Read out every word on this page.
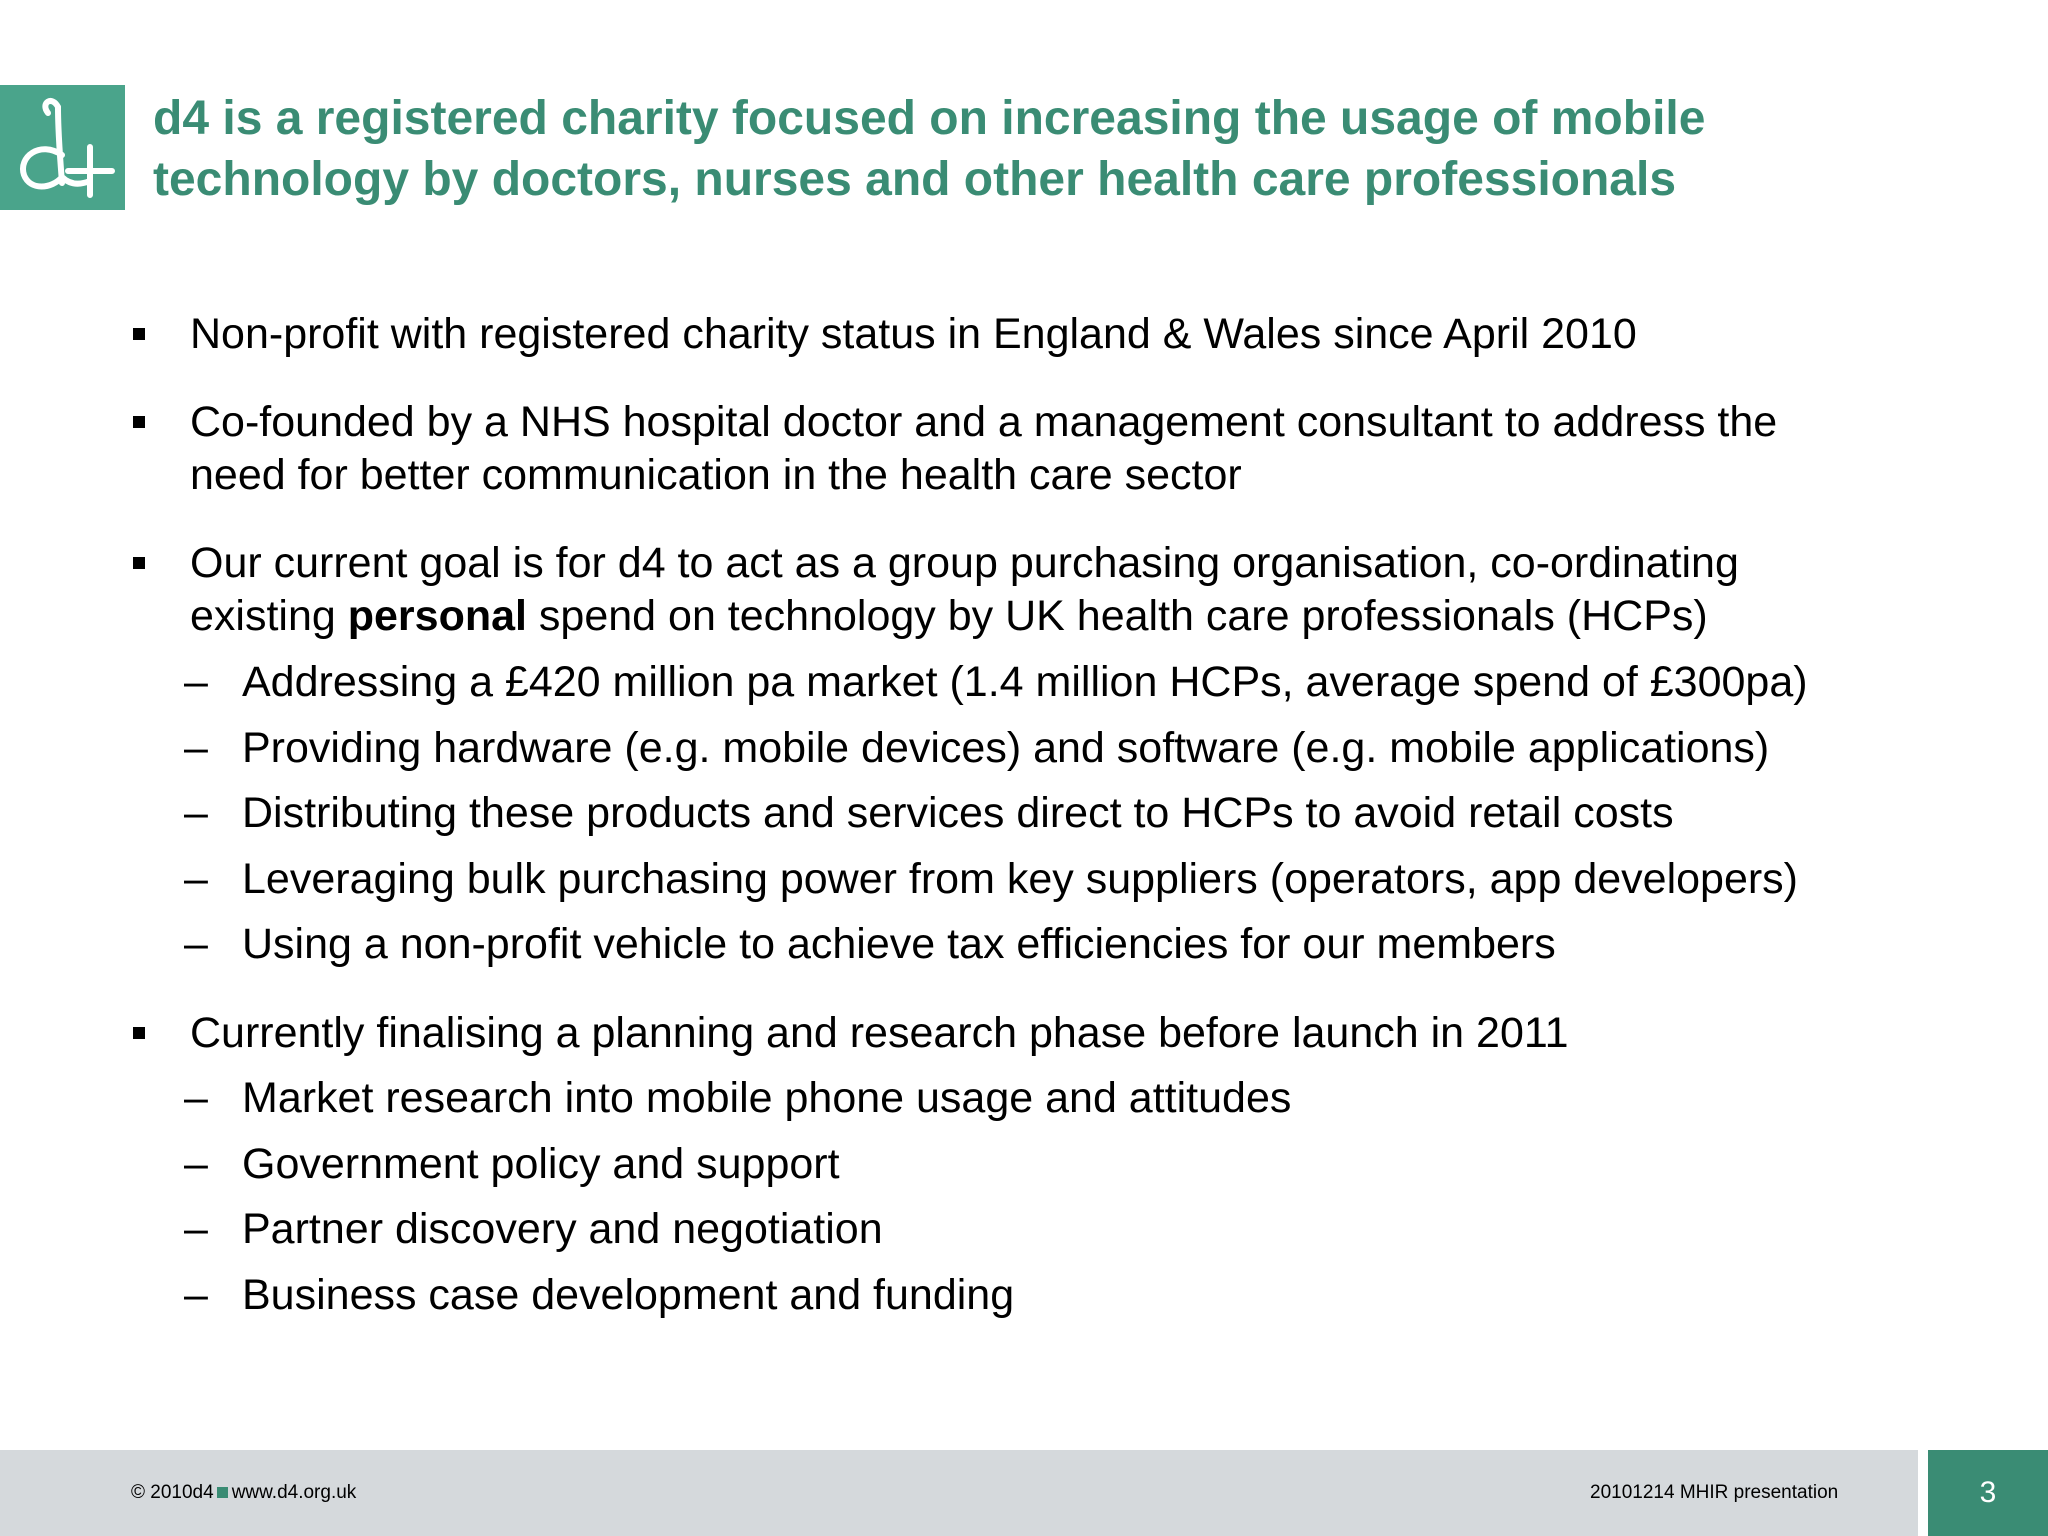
d4 is a registered charity focused on increasing the usage of mobile
technology by doctors, nurses and other health care professionals
Non-profit with registered charity status in England & Wales since April 2010
Co-founded by a NHS hospital doctor and a management consultant to address the
need for better communication in the health care sector
Our current goal is for d4 to act as a group purchasing organisation, co-ordinating
existing personal spend on technology by UK health care professionals (HCPs)
– Addressing a £420 million pa market (1.4 million HCPs, average spend of £300pa)
– Providing hardware (e.g. mobile devices) and software (e.g. mobile applications)
– Distributing these products and services direct to HCPs to avoid retail costs
– Leveraging bulk purchasing power from key suppliers (operators, app developers)
– Using a non-profit vehicle to achieve tax efficiencies for our members
Currently finalising a planning and research phase before launch in 2011
– Market research into mobile phone usage and attitudes
– Government policy and support
– Partner discovery and negotiation
– Business case development and funding
© 2010d4 www.d4.org.uk	20101214 MHIR presentation	3
